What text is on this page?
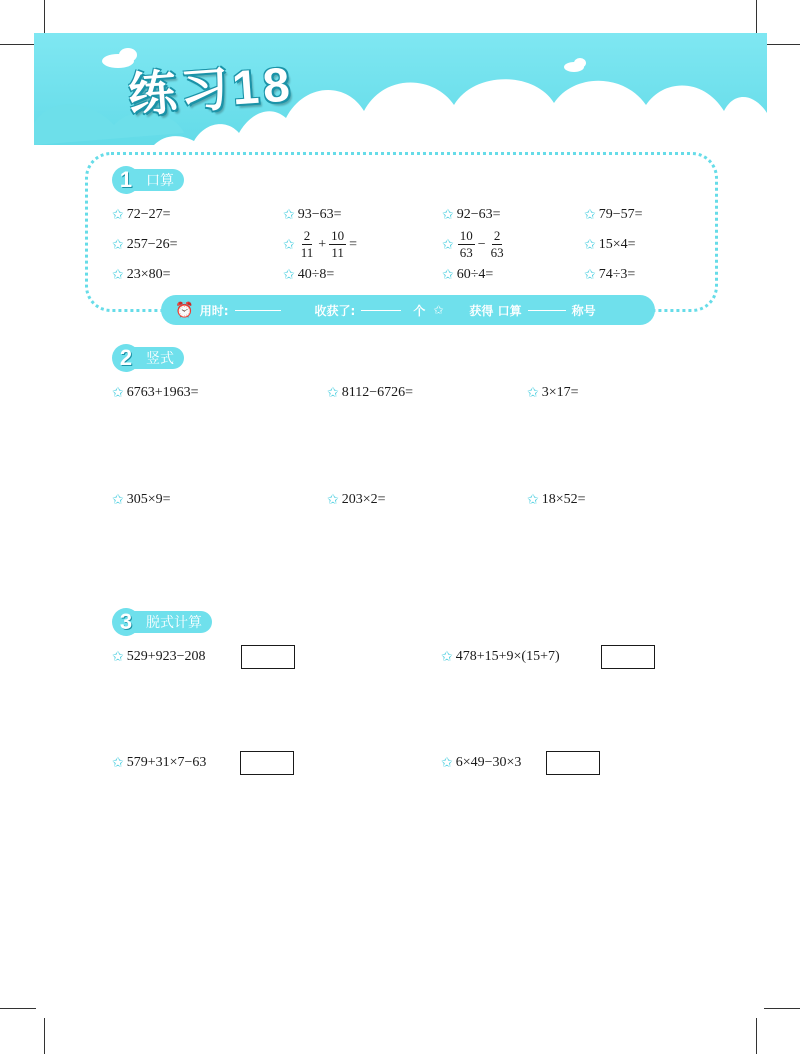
练习18
1 口算
✩ 72−27=	✩ 93−63=	✩ 92−63=	✩ 79−57=
✩ 257−26=	✩ $\frac{2}{11} + \frac{10}{11}$ =	✩ $\frac{10}{63} - \frac{2}{63}$	✩ 15×4=
✩ 23×80=	✩ 40÷8=	✩ 60÷4=	✩ 74÷3=
⏰ 用时:	收获了:	个 ✩ 获得 口算	称号
2 竖式
✩ 6763+1963=	✩ 8112−6726=	✩ 3×17=
✩ 305×9=	✩ 203×2=	✩ 18×52=
3 脱式计算
✩ 529+923−208	✩ 478+15+9×(15+7)
✩ 579+31×7−63	✩ 6×49−30×3
